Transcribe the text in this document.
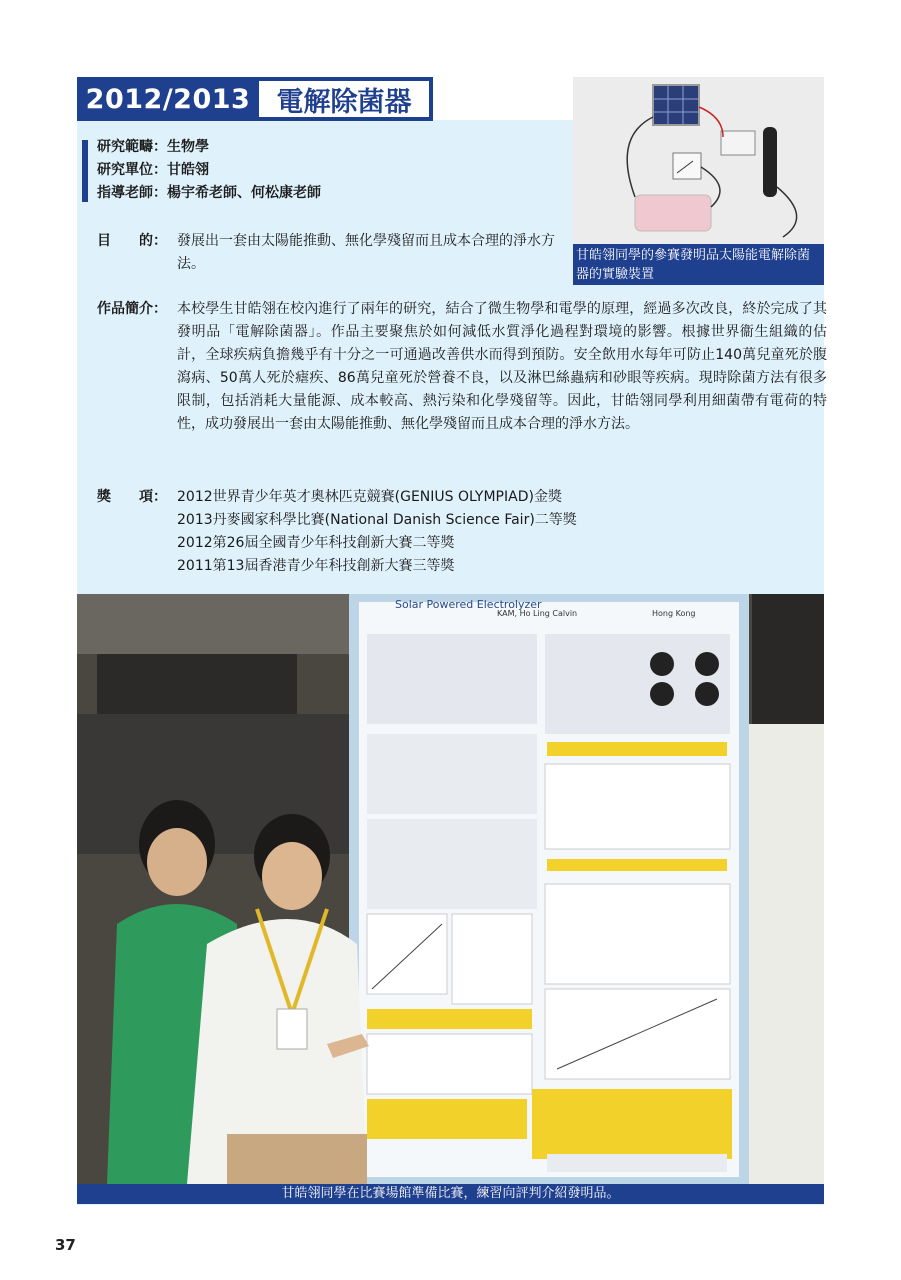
2012/2013 電解除菌器
研究範疇：生物學
研究單位：甘皓翎
指導老師：楊宇希老師、何松康老師
甘皓翎同學的參賽發明品太陽能電解除菌器的實驗裝置
目　　的： 發展出一套由太陽能推動、無化學殘留而且成本合理的淨水方法。
作品簡介： 本校學生甘皓翎在校內進行了兩年的研究，結合了微生物學和電學的原理，經過多次改良，終於完成了其發明品「電解除菌器」。作品主要聚焦於如何減低水質淨化過程對環境的影響。根據世界衞生組織的估計，全球疾病負擔幾乎有十分之一可通過改善供水而得到預防。安全飲用水每年可防止140萬兒童死於腹瀉病、50萬人死於瘧疾、86萬兒童死於營養不良，以及淋巴絲蟲病和砂眼等疾病。現時除菌方法有很多限制，包括消耗大量能源、成本較高、熱污染和化學殘留等。因此，甘皓翎同學利用細菌帶有電荷的特性，成功發展出一套由太陽能推動、無化學殘留而且成本合理的淨水方法。
獎　　項： 2012世界青少年英才奧林匹克競賽(GENIUS OLYMPIAD)金獎
2013丹麥國家科學比賽(National Danish Science Fair)二等獎
2012第26屆全國青少年科技創新大賽二等獎
2011第13屆香港青少年科技創新大賽三等獎
Solar Powered Electrolyzer
KAM, Ho Ling Calvin	Hong Kong
甘皓翎同學在比賽場館準備比賽，練習向評判介紹發明品。
37
